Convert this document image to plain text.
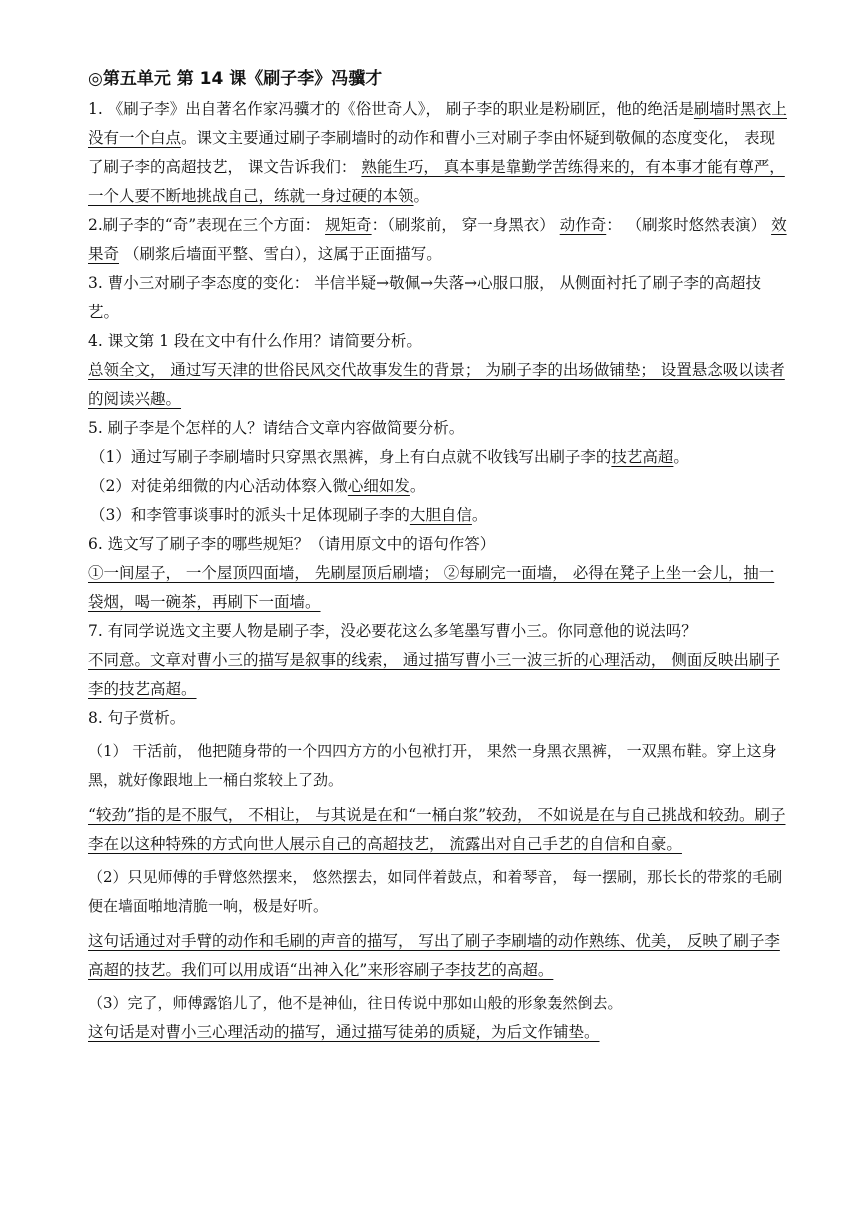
◎第五单元 第 14 课《刷子李》冯骥才

1. 《刷子李》出自著名作家冯骥才的《俗世奇人》， 刷子李的职业是粉刷匠，他的绝活是刷墙时黑衣上没有一个白点。课文主要通过刷子李刷墙时的动作和曹小三对刷子李由怀疑到敬佩的态度变化， 表现了刷子李的高超技艺， 课文告诉我们： 熟能生巧， 真本事是靠勤学苦练得来的，有本事才能有尊严， 一个人要不断地挑战自己，练就一身过硬的本领。

2.刷子李的“奇”表现在三个方面： 规矩奇：（刷浆前， 穿一身黑衣） 动作奇： （刷浆时悠然表演） 效果奇 （刷浆后墙面平整、雪白），这属于正面描写。

3. 曹小三对刷子李态度的变化： 半信半疑→敬佩→失落→心服口服， 从侧面衬托了刷子李的高超技艺。

4. 课文第 1 段在文中有什么作用？请简要分析。

总领全文， 通过写天津的世俗民风交代故事发生的背景； 为刷子李的出场做铺垫； 设置悬念吸以读者的阅读兴趣。

5. 刷子李是个怎样的人？请结合文章内容做简要分析。

（1）通过写刷子李刷墙时只穿黑衣黑裤，身上有白点就不收钱写出刷子李的技艺高超。

（2）对徒弟细微的内心活动体察入微心细如发。

（3）和李管事谈事时的派头十足体现刷子李的大胆自信。

6. 选文写了刷子李的哪些规矩？（请用原文中的语句作答）

①一间屋子， 一个屋顶四面墙， 先刷屋顶后刷墙； ②每刷完一面墙， 必得在凳子上坐一会儿，抽一袋烟，喝一碗茶，再刷下一面墙。

7. 有同学说选文主要人物是刷子李，没必要花这么多笔墨写曹小三。你同意他的说法吗？

不同意。文章对曹小三的描写是叙事的线索， 通过描写曹小三一波三折的心理活动， 侧面反映出刷子李的技艺高超。

8. 句子赏析。

（1） 干活前， 他把随身带的一个四四方方的小包袱打开， 果然一身黑衣黑裤， 一双黑布鞋。穿上这身黑，就好像跟地上一桶白浆较上了劲。

“较劲”指的是不服气， 不相让， 与其说是在和“一桶白浆”较劲， 不如说是在与自己挑战和较劲。刷子李在以这种特殊的方式向世人展示自己的高超技艺， 流露出对自己手艺的自信和自豪。

（2）只见师傅的手臂悠然摆来， 悠然摆去，如同伴着鼓点，和着琴音， 每一摆刷，那长长的带浆的毛刷便在墙面啪地清脆一响，极是好听。

这句话通过对手臂的动作和毛刷的声音的描写， 写出了刷子李刷墙的动作熟练、优美， 反映了刷子李高超的技艺。我们可以用成语“出神入化”来形容刷子李技艺的高超。

（3）完了，师傅露馅儿了，他不是神仙，往日传说中那如山般的形象轰然倒去。

这句话是对曹小三心理活动的描写，通过描写徒弟的质疑，为后文作铺垫。
